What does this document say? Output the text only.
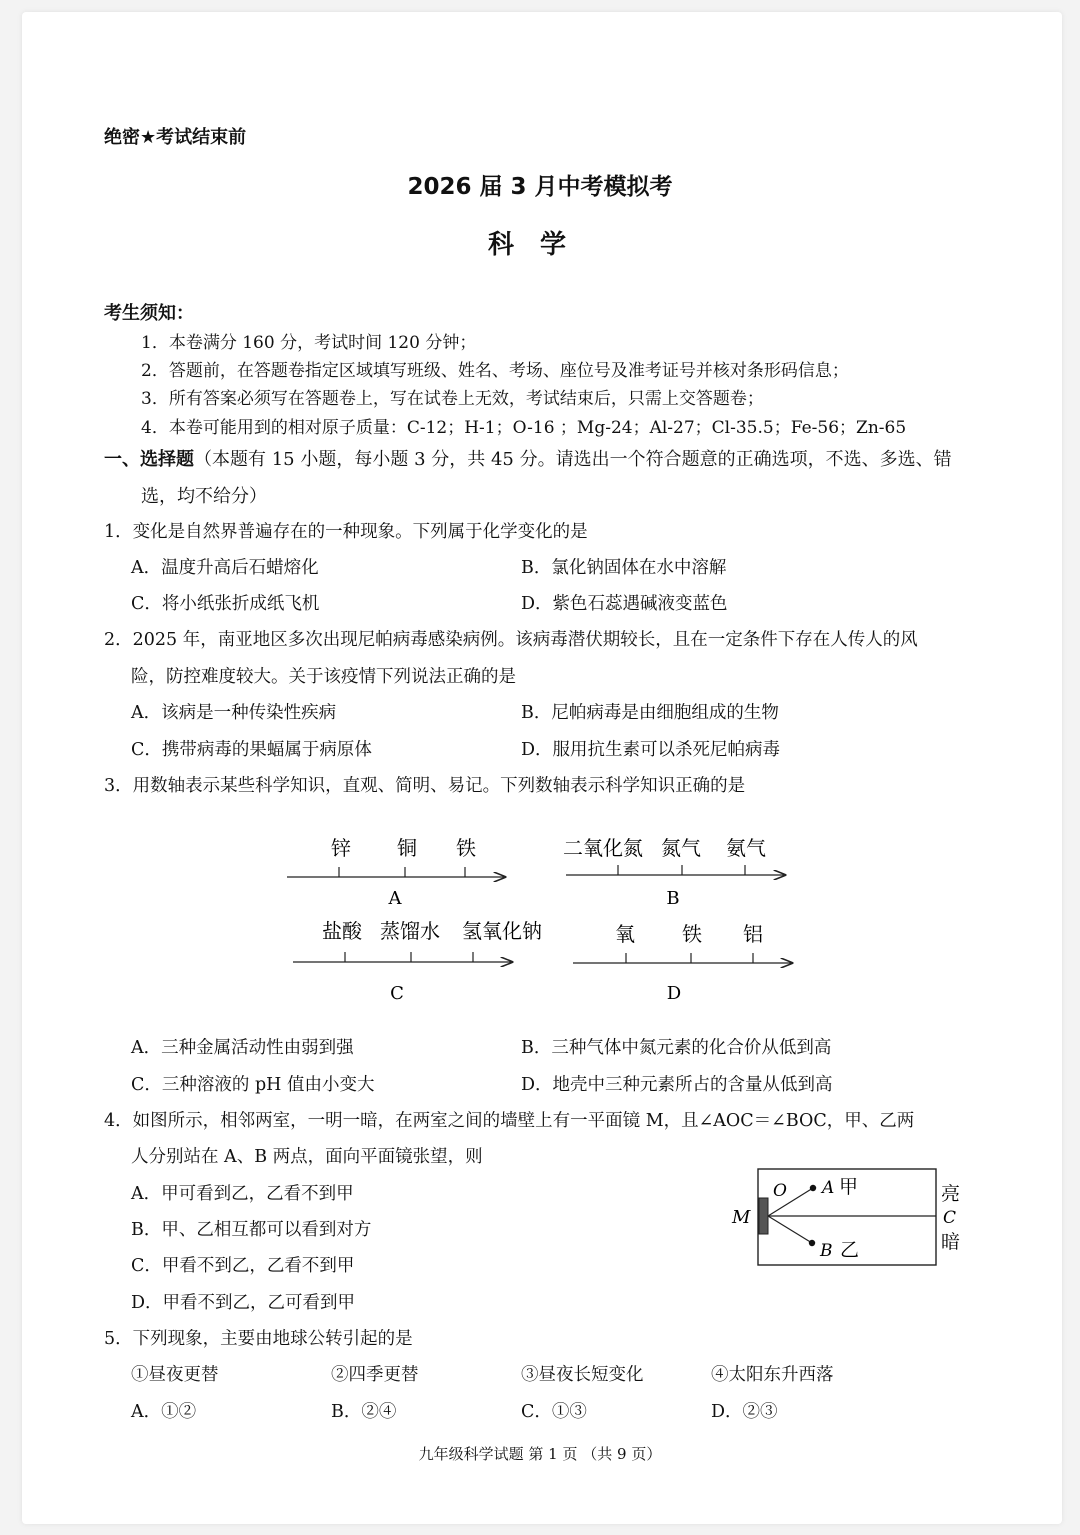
绝密★考试结束前
2026 届 3 月中考模拟考
科学
考生须知：
1．本卷满分 160 分，考试时间 120 分钟；
2．答题前，在答题卷指定区域填写班级、姓名、考场、座位号及准考证号并核对条形码信息；
3．所有答案必须写在答题卷上，写在试卷上无效，考试结束后，只需上交答题卷；
4．本卷可能用到的相对原子质量：C-12；H-1；O-16 ；Mg-24；Al-27；Cl-35.5；Fe-56；Zn-65
一、选择题（本题有 15 小题，每小题 3 分，共 45 分。请选出一个符合题意的正确选项，不选、多选、错
选，均不给分）
1．变化是自然界普遍存在的一种现象。下列属于化学变化的是
A．温度升高后石蜡熔化	B．氯化钠固体在水中溶解
C．将小纸张折成纸飞机	D．紫色石蕊遇碱液变蓝色
2．2025 年，南亚地区多次出现尼帕病毒感染病例。该病毒潜伏期较长，且在一定条件下存在人传人的风
险，防控难度较大。关于该疫情下列说法正确的是
A．该病是一种传染性疾病	B．尼帕病毒是由细胞组成的生物
C．携带病毒的果蝠属于病原体	D．服用抗生素可以杀死尼帕病毒
3．用数轴表示某些科学知识，直观、简明、易记。下列数轴表示科学知识正确的是
锌 铜 铁
A
二氧化氮 氮气 氨气
B
盐酸 蒸馏水 氢氧化钠
C
氧 铁 铝
D
A．三种金属活动性由弱到强	B．三种气体中氮元素的化合价从低到高
C．三种溶液的 pH 值由小变大	D．地壳中三种元素所占的含量从低到高
4．如图所示，相邻两室，一明一暗，在两室之间的墙壁上有一平面镜 M，且∠AOC＝∠BOC，甲、乙两
人分别站在 A、B 两点，面向平面镜张望，则
A．甲可看到乙，乙看不到甲
B．甲、乙相互都可以看到对方
C．甲看不到乙，乙看不到甲
D．甲看不到乙，乙可看到甲
M
O A 甲
B 乙
亮
C
暗
5．下列现象，主要由地球公转引起的是
①昼夜更替	②四季更替	③昼夜长短变化	④太阳东升西落
A．①②	B．②④	C．①③	D．②③
九年级科学试题 第 1 页 （共 9 页）
